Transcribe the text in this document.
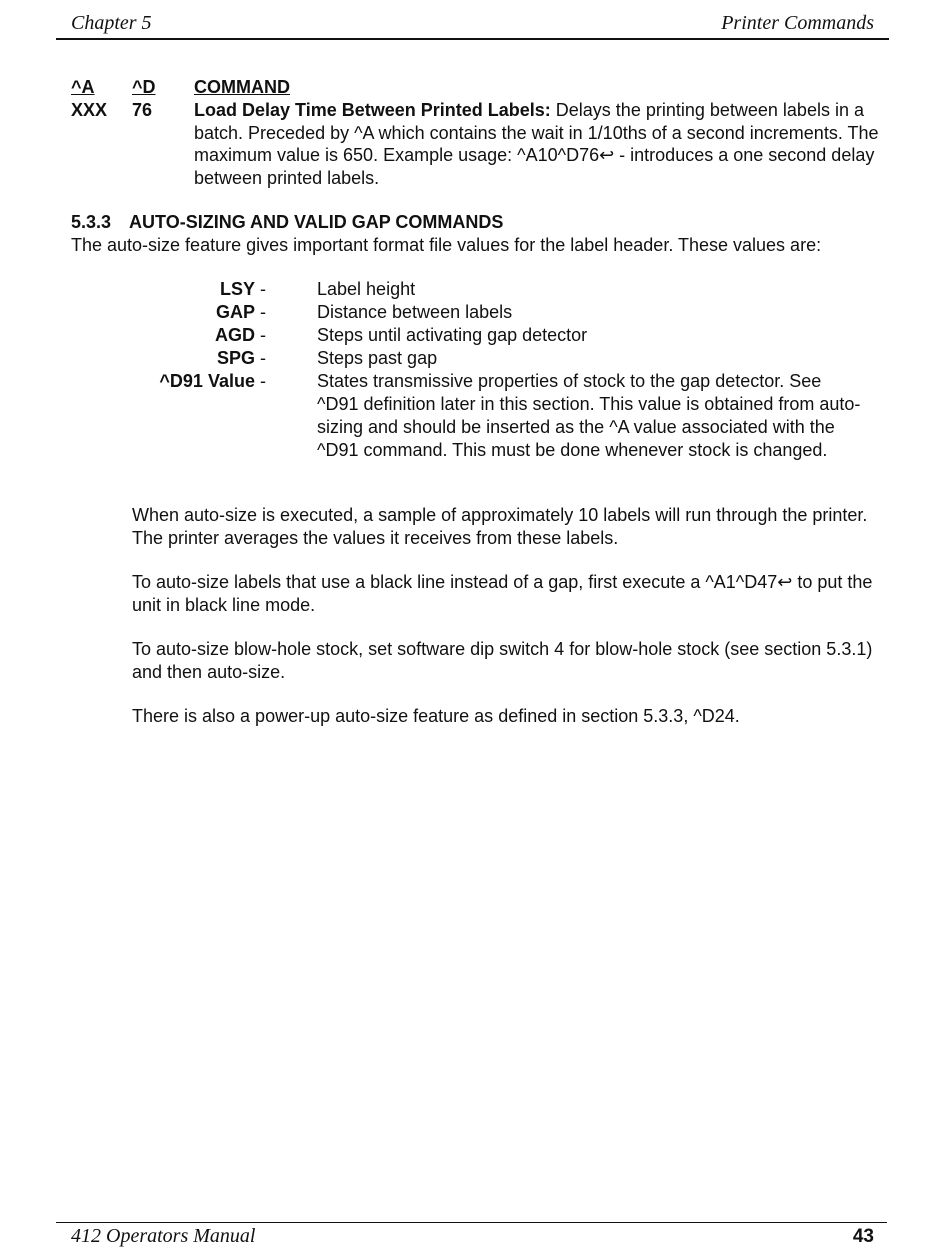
Chapter 5	Printer Commands
^A ^D COMMAND
XXX 76 Load Delay Time Between Printed Labels: Delays the printing between labels in a batch. Preceded by ^A which contains the wait in 1/10ths of a second increments. The maximum value is 650. Example usage: ^A10^D76↩ - introduces a one second delay between printed labels.
5.3.3 AUTO-SIZING AND VALID GAP COMMANDS
The auto-size feature gives important format file values for the label header. These values are:
LSY -	Label height
GAP -	Distance between labels
AGD -	Steps until activating gap detector
SPG -	Steps past gap
^D91 Value -	States transmissive properties of stock to the gap detector. See ^D91 definition later in this section. This value is obtained from auto-sizing and should be inserted as the ^A value associated with the ^D91 command. This must be done whenever stock is changed.
When auto-size is executed, a sample of approximately 10 labels will run through the printer. The printer averages the values it receives from these labels.
To auto-size labels that use a black line instead of a gap, first execute a ^A1^D47↩ to put the unit in black line mode.
To auto-size blow-hole stock, set software dip switch 4 for blow-hole stock (see section 5.3.1) and then auto-size.
There is also a power-up auto-size feature as defined in section 5.3.3, ^D24.
412 Operators Manual	43
